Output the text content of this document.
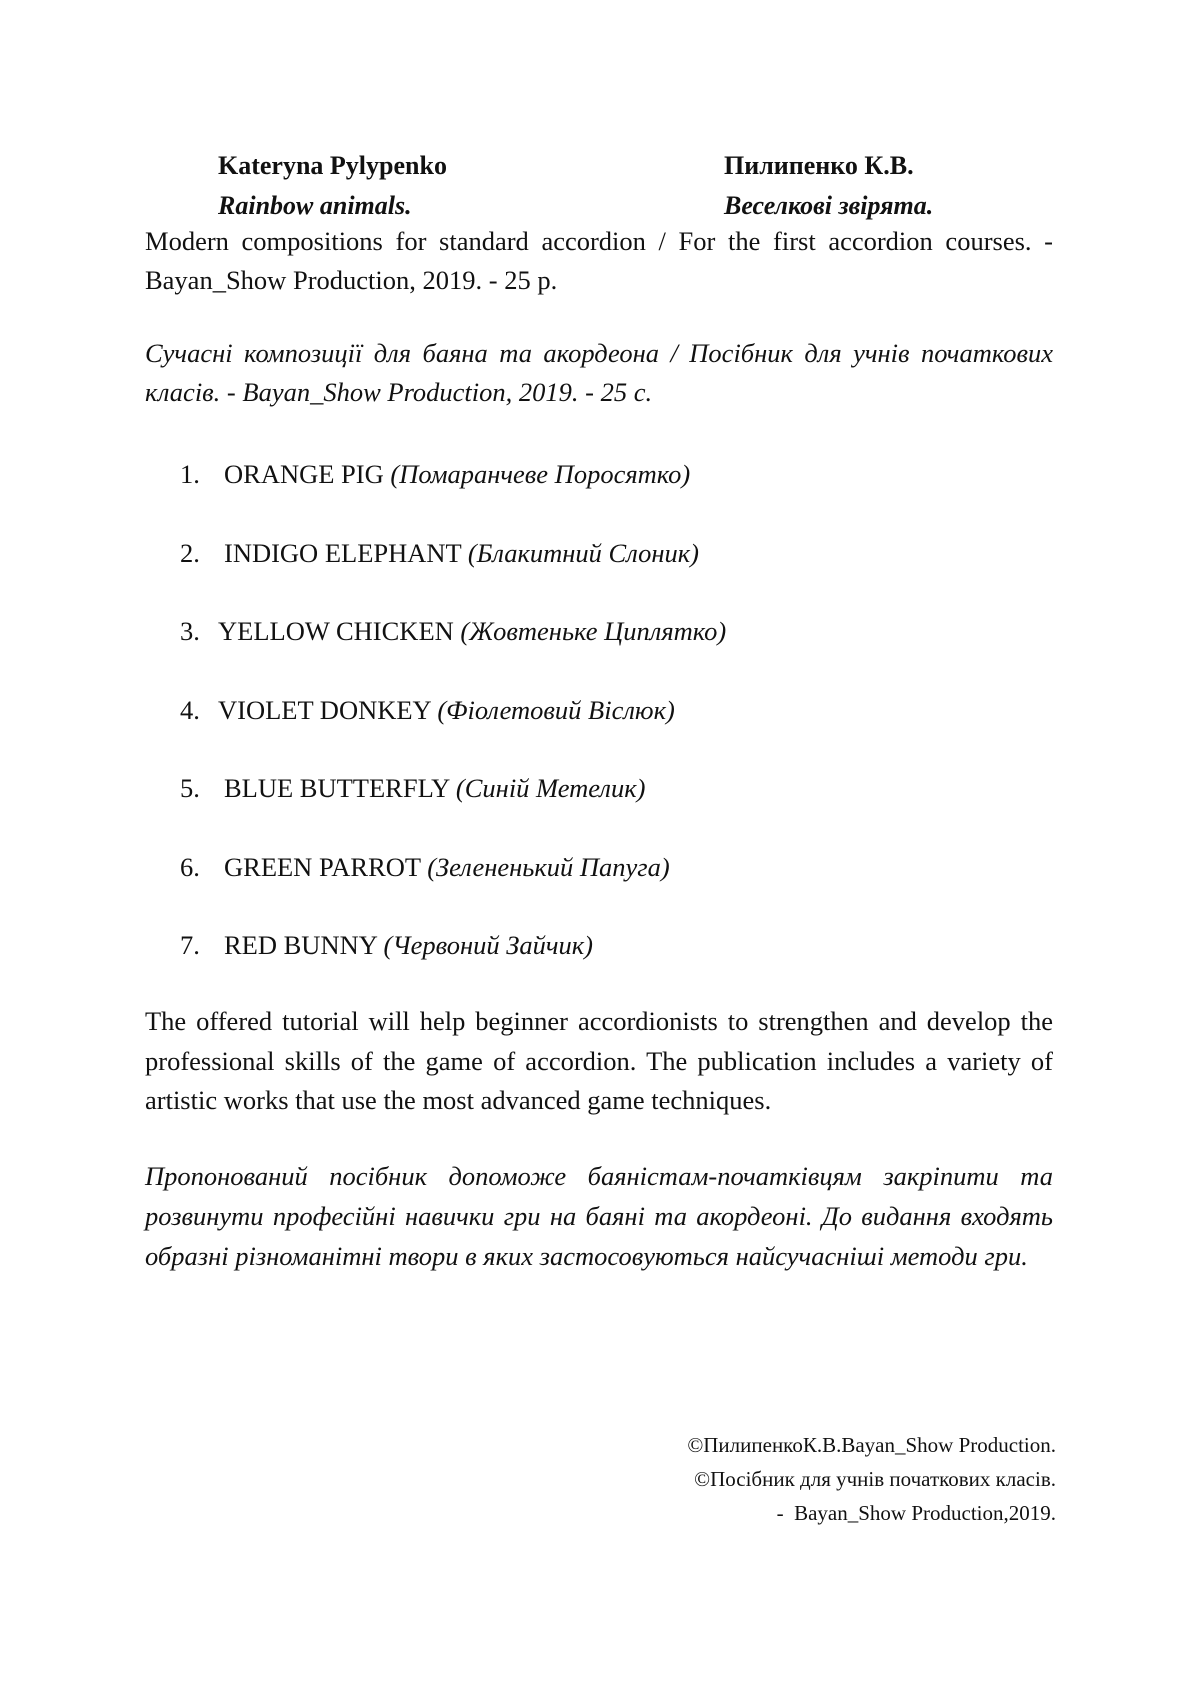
Kateryna Pylypenko
Rainbow animals.
Пилипенко К.В.
Веселкові звірята.

Modern compositions for standard accordion / For the first accordion courses. - Bayan_Show Production, 2019. - 25 p.

Сучасні композиції для баяна та акордеона / Посібник для учнів початкових класів. - Bayan_Show Production, 2019. - 25 с.

1. ORANGE PIG (Помаранчеве Поросятко)
2. INDIGO ELEPHANT (Блакитний Слоник)
3. YELLOW CHICKEN (Жовтеньке Циплятко)
4. VIOLET DONKEY (Фіолетовий Віслюк)
5. BLUE BUTTERFLY (Синій Метелик)
6. GREEN PARROT (Зелененький Папуга)
7. RED BUNNY (Червоний Зайчик)

The offered tutorial will help beginner accordionists to strengthen and develop the professional skills of the game of accordion. The publication includes a variety of artistic works that use the most advanced game techniques.

Пропонований посібник допоможе баяністам-початківцям закріпити та розвинути професійні навички гри на баяні та акордеоні. До видання входять образні різноманітні твори в яких застосовуються найсучасніші методи гри.

©ПилипенкоК.В.Bayan_Show Production.
©Посібник для учнів початкових класів.
-  Bayan_Show Production,2019.
